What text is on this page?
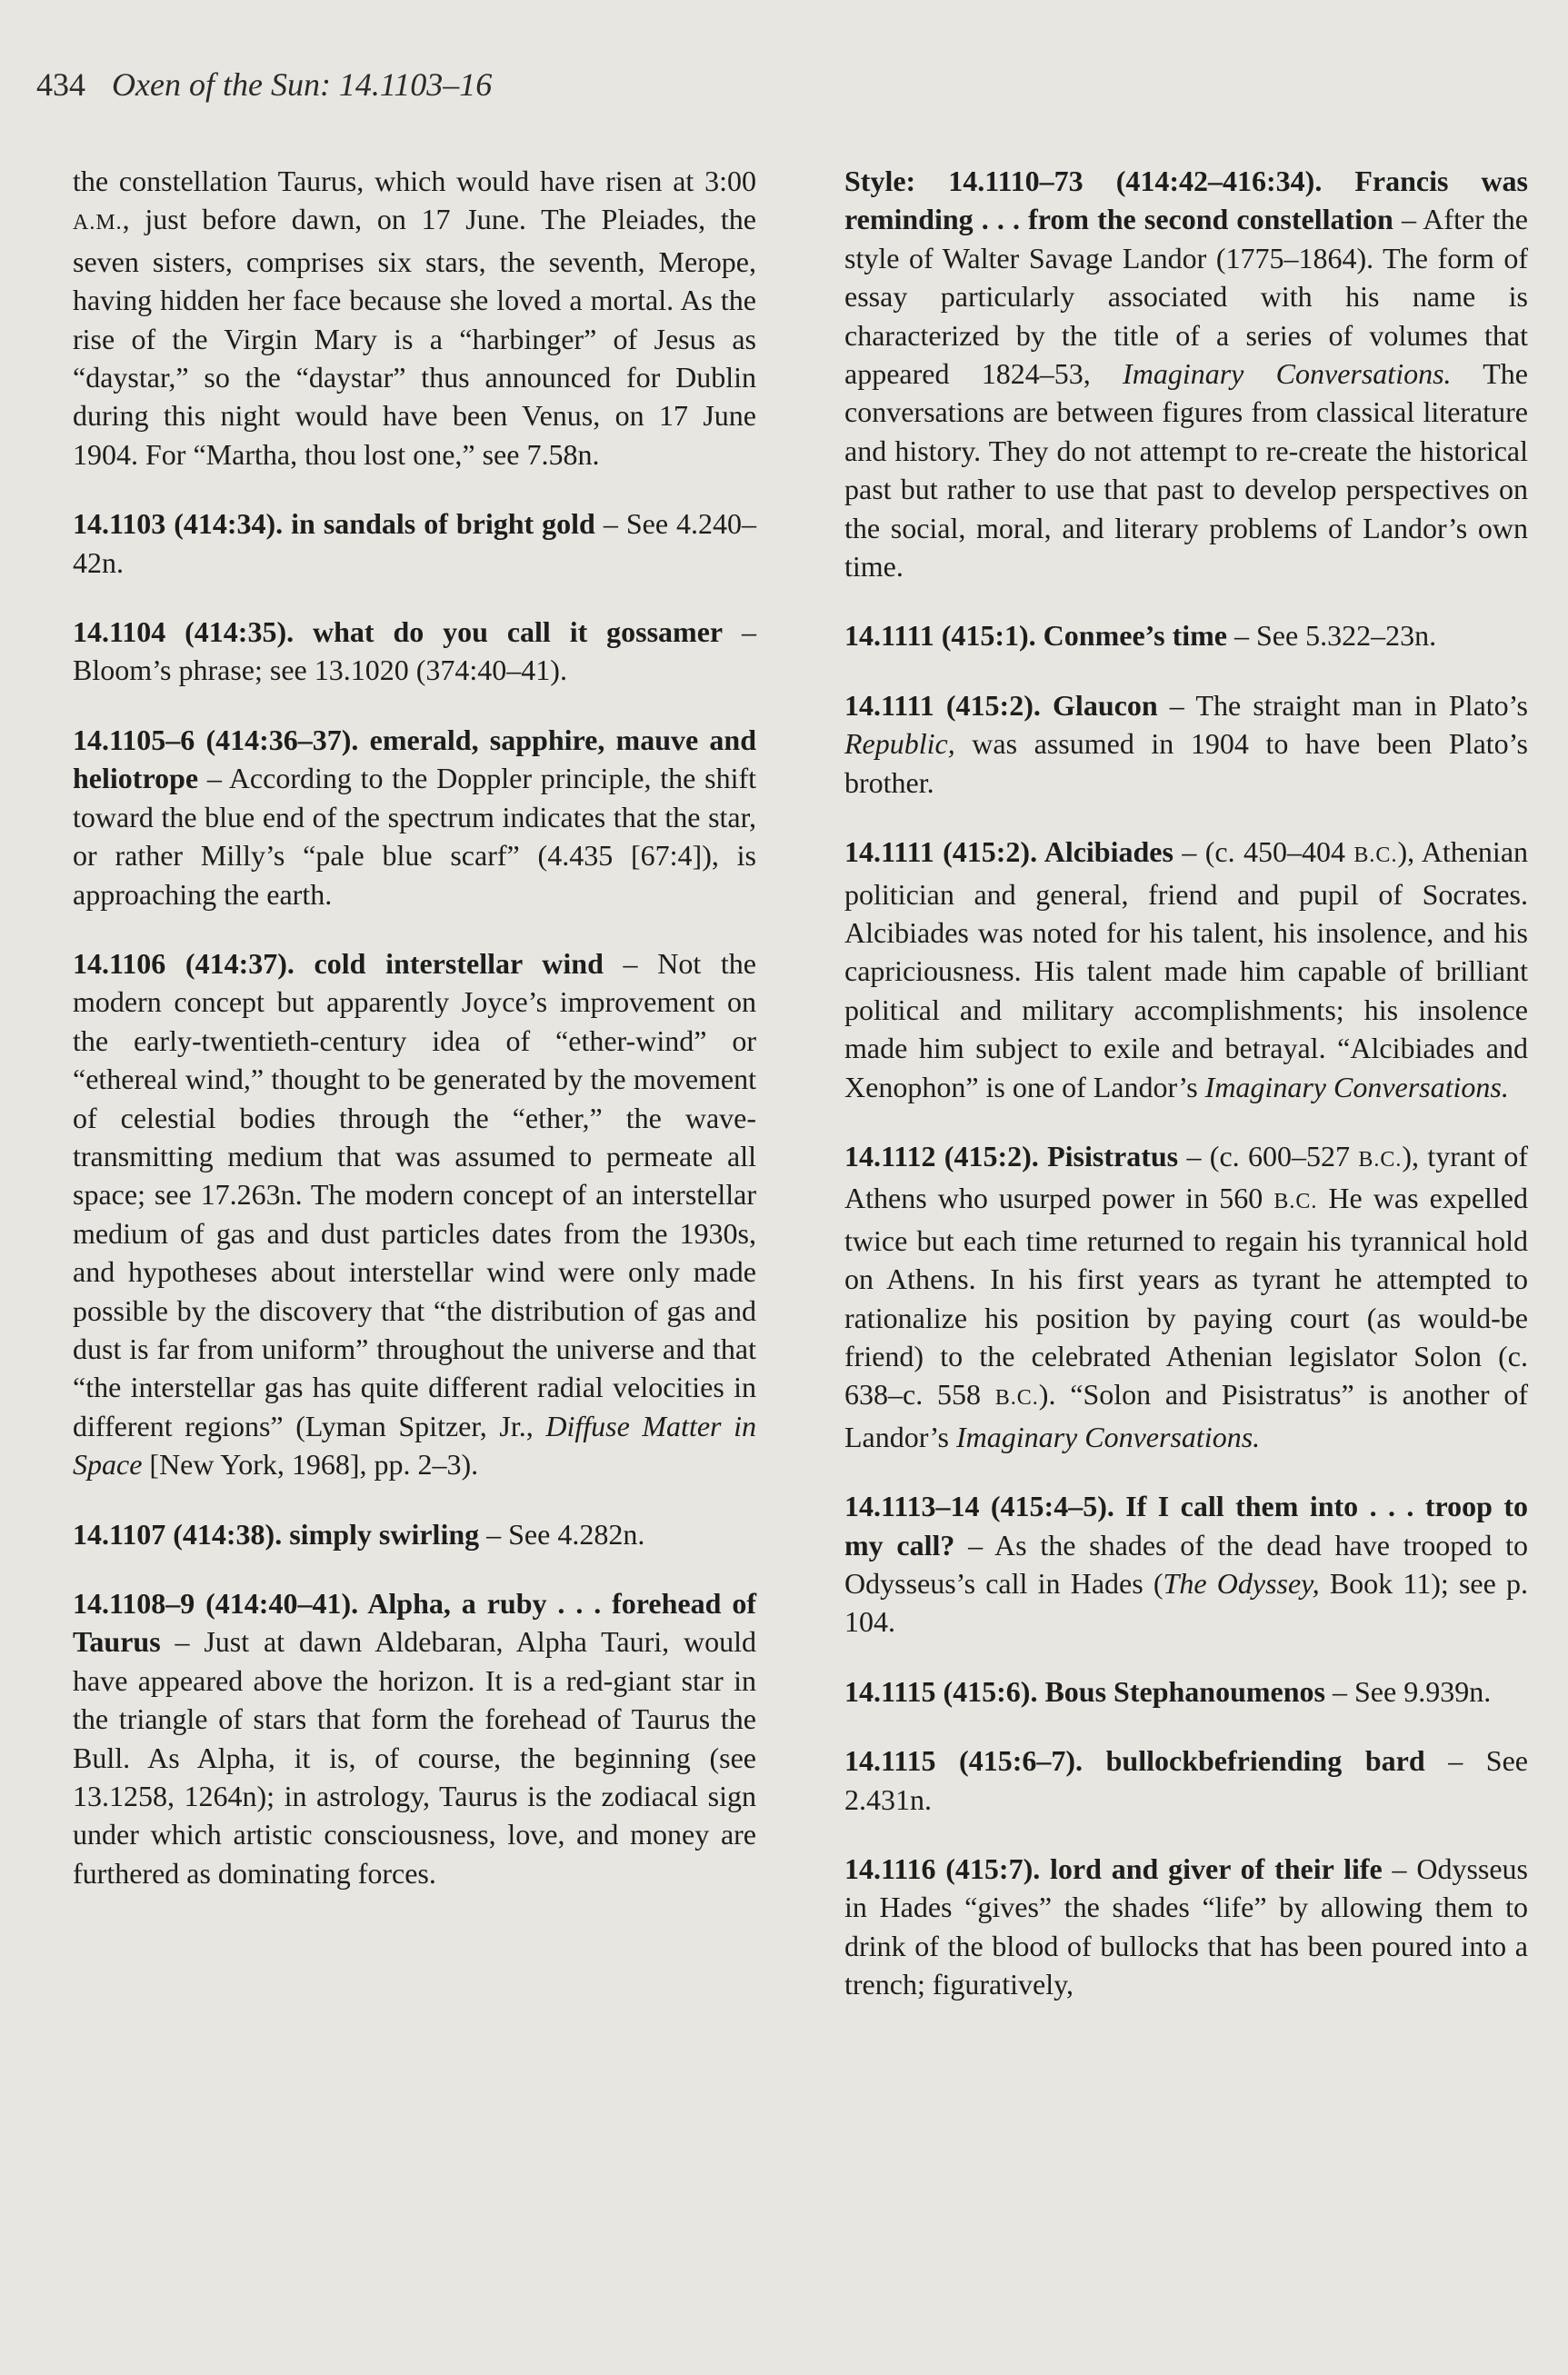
434 Oxen of the Sun: 14.1103–16

the constellation Taurus, which would have risen at 3:00 A.M., just before dawn, on 17 June. The Pleiades, the seven sisters, comprises six stars, the seventh, Merope, having hidden her face because she loved a mortal. As the rise of the Virgin Mary is a “harbinger” of Jesus as “daystar,” so the “daystar” thus announced for Dublin during this night would have been Venus, on 17 June 1904. For “Martha, thou lost one,” see 7.58n.

14.1103 (414:34). in sandals of bright gold – See 4.240–42n.

14.1104 (414:35). what do you call it gossamer – Bloom’s phrase; see 13.1020 (374:40–41).

14.1105–6 (414:36–37). emerald, sapphire, mauve and heliotrope – According to the Doppler principle, the shift toward the blue end of the spectrum indicates that the star, or rather Milly’s “pale blue scarf” (4.435 [67:4]), is approaching the earth.

14.1106 (414:37). cold interstellar wind – Not the modern concept but apparently Joyce’s improvement on the early-twentieth-century idea of “ether-wind” or “ethereal wind,” thought to be generated by the movement of celestial bodies through the “ether,” the wave-transmitting medium that was assumed to permeate all space; see 17.263n. The modern concept of an interstellar medium of gas and dust particles dates from the 1930s, and hypotheses about interstellar wind were only made possible by the discovery that “the distribution of gas and dust is far from uniform” throughout the universe and that “the interstellar gas has quite different radial velocities in different regions” (Lyman Spitzer, Jr., Diffuse Matter in Space [New York, 1968], pp. 2–3).

14.1107 (414:38). simply swirling – See 4.282n.

14.1108–9 (414:40–41). Alpha, a ruby . . . forehead of Taurus – Just at dawn Aldebaran, Alpha Tauri, would have appeared above the horizon. It is a red-giant star in the triangle of stars that form the forehead of Taurus the Bull. As Alpha, it is, of course, the beginning (see 13.1258, 1264n); in astrology, Taurus is the zodiacal sign under which artistic consciousness, love, and money are furthered as dominating forces.

Style: 14.1110–73 (414:42–416:34). Francis was reminding . . . from the second constellation – After the style of Walter Savage Landor (1775–1864). The form of essay particularly associated with his name is characterized by the title of a series of volumes that appeared 1824–53, Imaginary Conversations. The conversations are between figures from classical literature and history. They do not attempt to re-create the historical past but rather to use that past to develop perspectives on the social, moral, and literary problems of Landor’s own time.

14.1111 (415:1). Conmee’s time – See 5.322–23n.

14.1111 (415:2). Glaucon – The straight man in Plato’s Republic, was assumed in 1904 to have been Plato’s brother.

14.1111 (415:2). Alcibiades – (c. 450–404 B.C.), Athenian politician and general, friend and pupil of Socrates. Alcibiades was noted for his talent, his insolence, and his capriciousness. His talent made him capable of brilliant political and military accomplishments; his insolence made him subject to exile and betrayal. “Alcibiades and Xenophon” is one of Landor’s Imaginary Conversations.

14.1112 (415:2). Pisistratus – (c. 600–527 B.C.), tyrant of Athens who usurped power in 560 B.C. He was expelled twice but each time returned to regain his tyrannical hold on Athens. In his first years as tyrant he attempted to rationalize his position by paying court (as would-be friend) to the celebrated Athenian legislator Solon (c. 638–c. 558 B.C.). “Solon and Pisistratus” is another of Landor’s Imaginary Conversations.

14.1113–14 (415:4–5). If I call them into . . . troop to my call? – As the shades of the dead have trooped to Odysseus’s call in Hades (The Odyssey, Book 11); see p. 104.

14.1115 (415:6). Bous Stephanoumenos – See 9.939n.

14.1115 (415:6–7). bullockbefriending bard – See 2.431n.

14.1116 (415:7). lord and giver of their life – Odysseus in Hades “gives” the shades “life” by allowing them to drink of the blood of bullocks that has been poured into a trench; figuratively,
